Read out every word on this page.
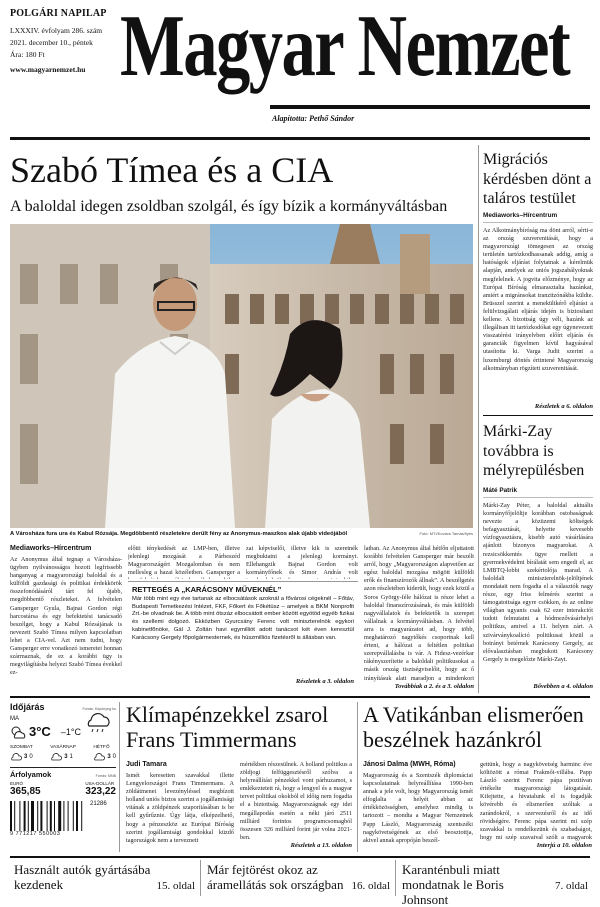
POLGÁRI NAPILAP
LXXXIV. évfolyam 286. szám
2021. december 10., péntek
Ára: 180 Ft
www.magyarnemzet.hu Magyar Nemzet
Alapította: Pethő Sándor
Szabó Tímea és a CIA
A baloldal idegen zsoldban szolgál, és így bízik a kormányváltásban
A Városháza fura ura és Kabul Rózsája. Megdöbbentő részletekre derült fény az Anonymus-maszkos alak újabb videójából	Fotó: MTI/Kovács Tamás/Ilyés
Mediaworks–Hírcentrum
Az Anonymus által tegnap a Városháza-ügyben nyilvánosságra hozott legfrissebb hanganyag a magyarországi baloldal és a külföldi gazdasági és politikai érdekkörök összefonódásáról tárt fel újabb, megdöbbentő részleteket. A felvételen Gansperger Gyula, Bajnai Gordon régi harcostársa és egy befektetési tanácsadó beszélget, hogy a Kabul Rózsájának is nevezett Szabó Tímea milyen kapcsolatban lehet a CIA-vel. Azt nem tudni, hogy Gansperger erre vonatkozó ismeretei honnan származnak, de ez a korábbi ügy is megvilágításba helyezi Szabó Tímea évekkel ez-
előtti ténykedését az LMP-ben, illetve jelenlegi mozgását a Párbeszéd Magyarországért Mozgalomban és nem mellesleg a hazai közéletben. Gansperger a
zai képviselői, illetve kik is szeretnék megbuktatni a jelenlegi kormányt. Ellehangzik Bajnai Gordon volt kormányfőnek és Simor András volt
latban. Az Anonymus által hétfőn eljuttatott korábbi felvételen Gansperger már beszélt arról, hogy „Magyarországon alapvetően az egész baloldal mozgása mögött külföldi erők és finanszírozók állnak”. A beszélgetés azon részletében kiderült, hogy ezek közül a Soros György-féle hálózat is része lehet a baloldal finanszírozásának, és más külföldi nagyvállalatok és befektetők is szerepet vállalnak a kormányváltásban. A felvétel arra is magyarázatot ad, hogy több, meghatározó nagytőkés csoportnak kell érteni, a hálózat a feltétlen politikai szerepvállalásba is vár. A Fidesz-vezérkar rákényszerítette a baloldali politikusokat a másik ország tisztségviselőit, hogy az ő irányításuk alatt maradjon a mindenkori
Továbbiak a 2. és a 3. oldalon
RETTEGÉS A „KARÁCSONY MŰVEKNÉL”
Már több mint egy éve tartanak az elbocsátások azoknál a fővárosi cégeknél – Főtáv, Budapesti Temetkezési Intézet, FKF, Főkert és Főkétüsz – amelyek a BKM Nonprofit Zrt.-be olvadnak be. A több mint ötszáz elbocsátott ember között egyötöd egyéb fizikai és szellemi dolgozó. Ekközben Gyurcsány Ferenc volt miniszterelnök egykori kabinetfőnöke, Gál J. Zoltán havi egymilliót adott tanácsot két éven keresztül Karácsony Gergely főpolgármesternek, és húszmilliós fizetésről is állásban van.
Részletek a 3. oldalon
Migrációs kérdésben dönt a taláros testület
Mediaworks–Hírcentrum
Az Alkotmánybíróság ma dönt arról, sérti-e az ország szuverenitását, hogy a magyarországi tömegesen az ország területén tartózkodhassanak addig, amíg a hatóságok eljárást folytatnak a kérelmük alapján, amelyek az uniós jogszabályoknak megfelelnek. A jogvita előzménye, hogy az Európai Bíróság elmarasztalta hazánkat, amiért a migránsokat tranzitzónákba küldte. Brüsszel szerint a menekültkérő eljárást a felülvizsgálati eljárás idején is biztosítani kellene. A bizottság úgy véli, hazánk az illegálisan itt tartózkodókat egy úgynevezett visszatérési irányelvben előírt eljárás és garanciák figyelmen kívül hagyásával utasította ki. Varga Judit szerint a luxemburgi döntés értintené Magyarország alkotmányban rögzített szuverenitását.
Részletek a 6. oldalon
Márki-Zay továbbra is mélyrepülésben
Máté Patrik
Márki-Zay Péter, a baloldal aktuális kormányfőjelöltje korábban ostobaságnak nevezte a közüzemi költségek befagyasztását, helyette kevesebb vízfogyasztásra, kisebb autó vásárlására ajánlott bizonyos magyarokat. A rezsicsökkentés ügye mellett a gyermekvédelmi bírálatát sem engedi el, az LMBTQ-lobbi szekértolója marad. A baloldali miniszterelnök-jelöltjének mondatait nem fogadta el a választók nagy része, egy friss felmérés szerint a támogatottsága egyre csökken, és az online világban ugyanis csak 62 ezer interakciót tudott felmutatni a hódmezővásárhelyi politikus, amivel a 11. helyen zárt. A szivárványkoalíció politikusai közül a botrányt betérnek Karácsony Gergely, az elővalasztásban megbukott Karácsony Gergely is megelőzte Márki-Zayt.
Bővebben a 4. oldalon
Időjárás	Forrás: Köpönyeg.hu
MA
3°C –1°C
SZOMBAT
3 0
VASÁRNAP
3 1
HÉTFŐ
3 0
Árfolyamok	Forrás: MNB
EURÓ
365,85
USA-DOLLÁR
323,22
21286
9 771217 550003
Klímapénzekkel zsarol Frans Timmermans
Judi Tamara
Ismét keresetten szavakkal illette Lengyelországot Frans Timmermans. A zöldátmenet levezényléssel megbízott holland uniós biztos szerint a jogállamisági vitának a zöldpénzek szaporításában is be kell gyűrűznie. Úgy látja, elképzelhető, hogy a pénzeszköz az Európai Bíróság szerint jogállamisági gondokkal küzdő tagországok nem a terveznett
mértékben részesülnek. A holland politikus a zöldjogi felfüggesztésről szólva a helyreállítási pénzekkel vont párhuzamot, s emlékeztetett rá, hogy a lengyel és a magyar tervet politikai okokból el időig nem fogadta el a biztottság. Magyarországnak egy idei megállapodás esetén a néki járó 2511 milliárd forintos programcsomagból összesen 326 milliárd forint jár volna 2021-ben.
Részletek a 13. oldalon
A Vatikánban elismerően beszélnek hazánkról
Jánosi Dalma (MWH, Róma)
Magyarország és a Szentszék diplomáciai kapcsolatainak helyreállítása 1990-ben annak a jele volt, hogy Magyarország ismét elfoglalta a helyét abban az értékközösségben, amelyhez mindig is tartozott – mondta a Magyar Nemzetnek Papp László, Magyarország szentszéki nagykövetségének az első beosztottja, akivel annak apropóján beszél-
gettünk, hogy a nagykövetség harminc éve költözött a római Frakmői-villába. Papp László szerint Ferenc pápa pozitívan értékelte magyarországi látogatását. Kifejtette, a hivatalunk el is fogadják kövérebb és elismerően szóltak a zarándokról, s szervezésről és az idő rövidségére. Ferenc pápa szerint mi szép szavakkal is rendelkezünk és szabadságot, hogy mi szép szavaival szólt a magyarok
Interjú a 10. oldalon
Használt autók gyártásába kezdenek	15. oldal
Már fejtörést okoz az áramellátás sok országban 16. oldal
Karanténbuli miatt mondatnak le Boris Johnsont
7. oldal
